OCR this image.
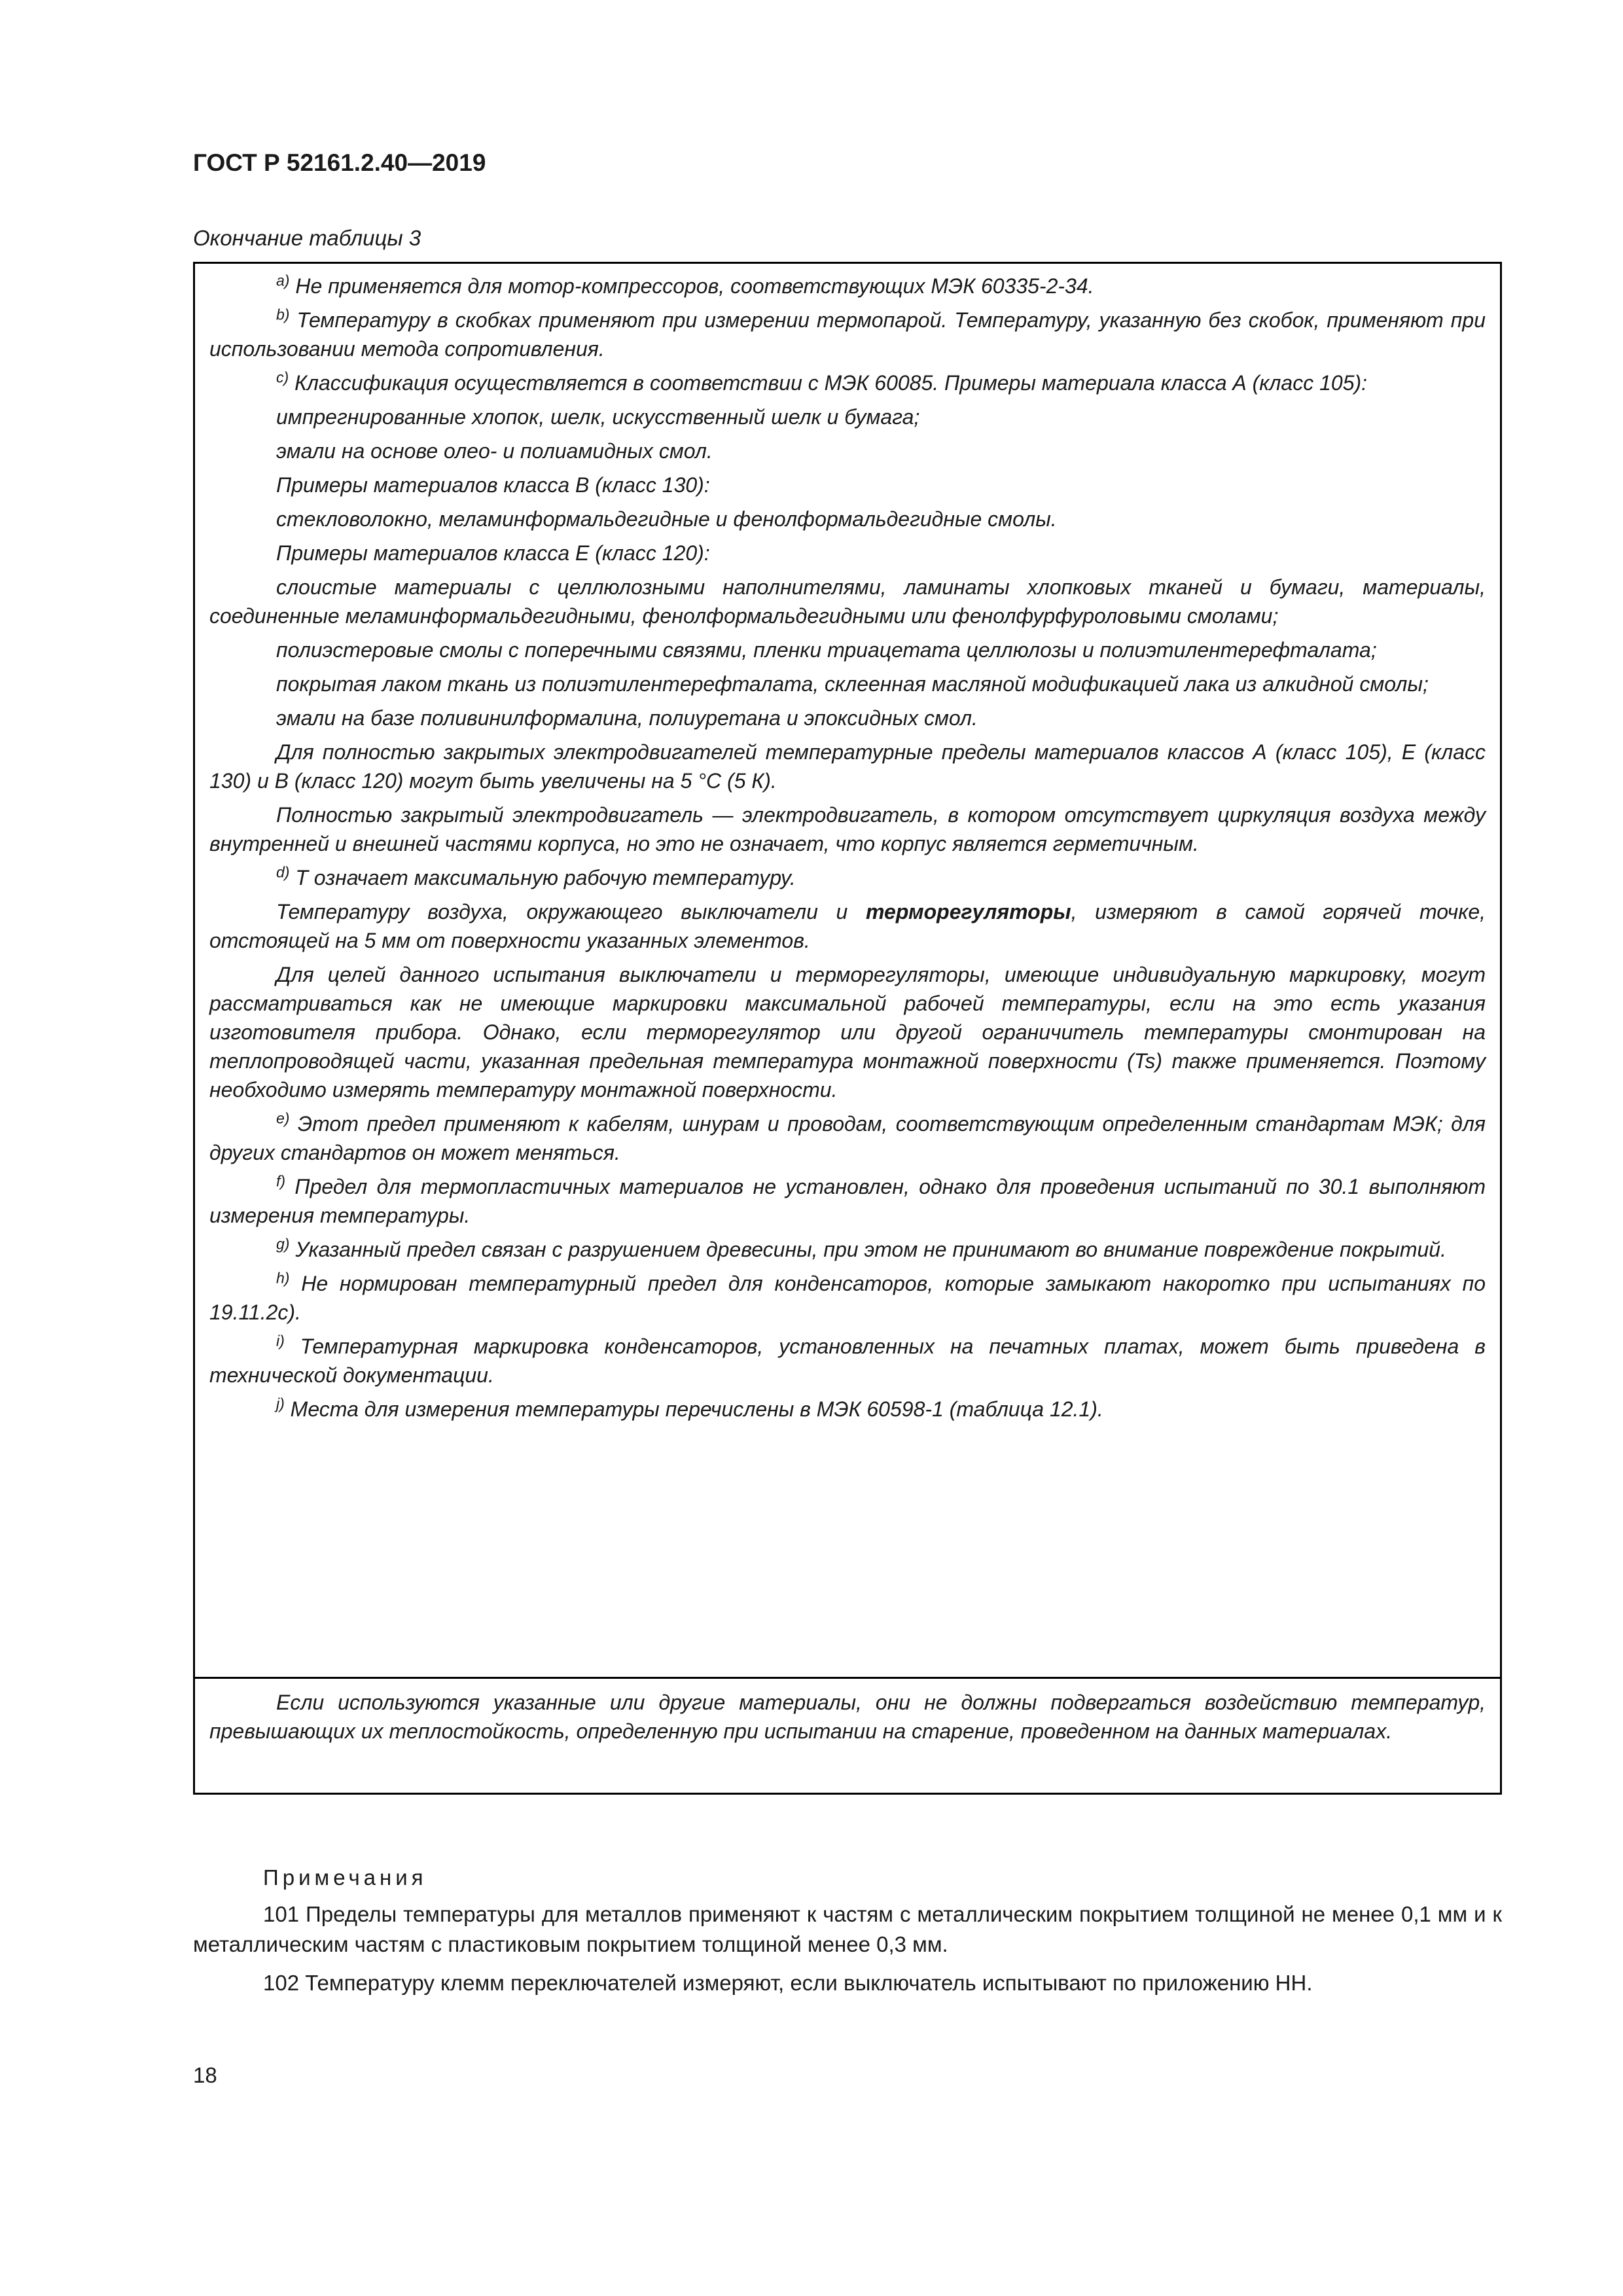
ГОСТ Р 52161.2.40—2019
Окончание таблицы 3

$^{a)}$ Не применяется для мотор-компрессоров, соответствующих МЭК 60335-2-34.

$^{b)}$ Температуру в скобках применяют при измерении термопарой. Температуру, указанную без скобок, применяют при использовании метода сопротивления.

$^{c)}$ Классификация осуществляется в соответствии с МЭК 60085. Примеры материала класса А (класс 105):

импрегнированные хлопок, шелк, искусственный шелк и бумага;

эмали на основе олео- и полиамидных смол.

Примеры материалов класса В (класс 130):

стекловолокно, меламинформальдегидные и фенолформальдегидные смолы.

Примеры материалов класса Е (класс 120):

слоистые материалы с целлюлозными наполнителями, ламинаты хлопковых тканей и бумаги, материалы, соединенные меламинформальдегидными, фенолформальдегидными или фенолфурфуроловыми смолами;

полиэстеровые смолы с поперечными связями, пленки триацетата целлюлозы и полиэтилентерефталата;

покрытая лаком ткань из полиэтилентерефталата, склеенная масляной модификацией лака из алкидной смолы;

эмали на базе поливинилформалина, полиуретана и эпоксидных смол.

Для полностью закрытых электродвигателей температурные пределы материалов классов А (класс 105), Е (класс 130) и В (класс 120) могут быть увеличены на 5 °С (5 К).

Полностью закрытый электродвигатель — электродвигатель, в котором отсутствует циркуляция воздуха между внутренней и внешней частями корпуса, но это не означает, что корпус является герметичным.

$^{d)}$ Т означает максимальную рабочую температуру.

Температуру воздуха, окружающего выключатели и терморегуляторы, измеряют в самой горячей точке, отстоящей на 5 мм от поверхности указанных элементов.

Для целей данного испытания выключатели и терморегуляторы, имеющие индивидуальную маркировку, могут рассматриваться как не имеющие маркировки максимальной рабочей температуры, если на это есть указания изготовителя прибора. Однако, если терморегулятор или другой ограничитель температуры смонтирован на теплопроводящей части, указанная предельная температура монтажной поверхности (Ts) также применяется. Поэтому необходимо измерять температуру монтажной поверхности.

$^{e)}$ Этот предел применяют к кабелям, шнурам и проводам, соответствующим определенным стандартам МЭК; для других стандартов он может меняться.

$^{f)}$ Предел для термопластичных материалов не установлен, однако для проведения испытаний по 30.1 выполняют измерения температуры.

$^{g)}$ Указанный предел связан с разрушением древесины, при этом не принимают во внимание повреждение покрытий.

$^{h)}$ Не нормирован температурный предел для конденсаторов, которые замыкают накоротко при испытаниях по 19.11.2с).

$^{i)}$ Температурная маркировка конденсаторов, установленных на печатных платах, может быть приведена в технической документации.

$^{j)}$ Места для измерения температуры перечислены в МЭК 60598-1 (таблица 12.1).

Если используются указанные или другие материалы, они не должны подвергаться воздействию температур, превышающих их теплостойкость, определенную при испытании на старение, проведенном на данных материалах.

Примечания

101 Пределы температуры для металлов применяют к частям с металлическим покрытием толщиной не менее 0,1 мм и к металлическим частям с пластиковым покрытием толщиной менее 0,3 мм.

102 Температуру клемм переключателей измеряют, если выключатель испытывают по приложению НН.

18
